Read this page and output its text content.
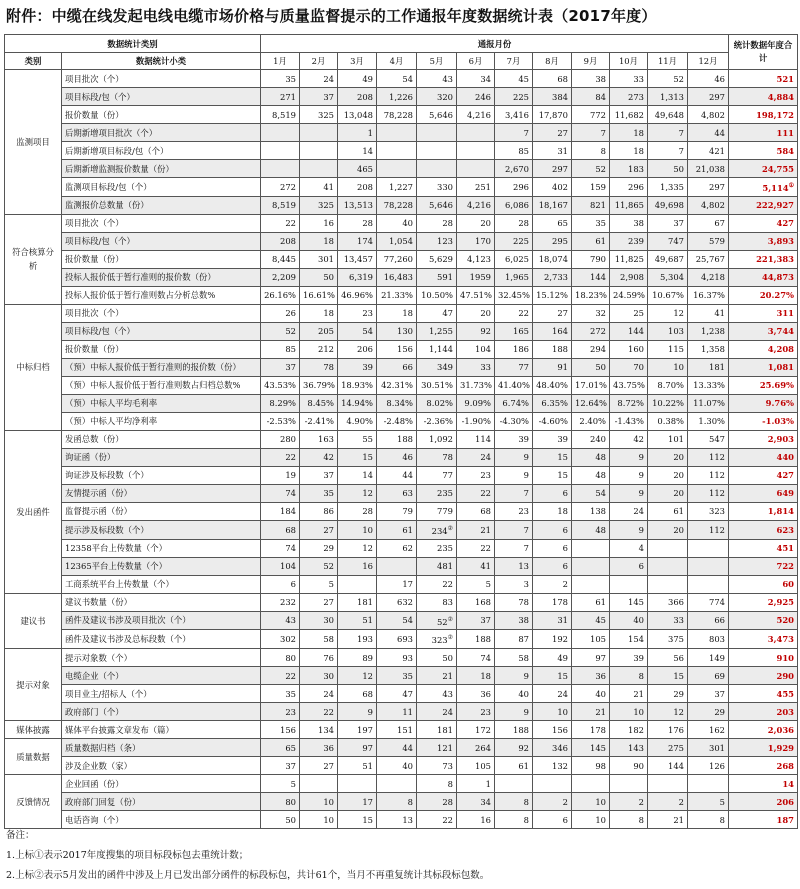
附件：中缆在线发起电线电缆市场价格与质量监督提示的工作通报年度数据统计表（2017年度）
数据统计类别		通报月份												统计数据年度合计
类别	数据统计小类	1月	2月	3月	4月	5月	6月	7月	8月	9月	10月	11月	12月	
监测项目	项目批次（个）	35	24	49	54	43	34	45	68	38	33	52	46	521
	项目标段/包（个）	271	37	208	1,226	320	246	225	384	84	273	1,313	297	4,884
	报价数量（份）	8,519	325	13,048	78,228	5,646	4,216	3,416	17,870	772	11,682	49,648	4,802	198,172
	后期新增项目批次（个）			1				7	27	7	18	7	44	111
	后期新增项目标段/包（个）			14				85	31	8	18	7	421	584
	后期新增监测报价数量（份）			465				2,670	297	52	183	50	21,038	24,755
	监测项目标段/包（个）	272	41	208	1,227	330	251	296	402	159	296	1,335	297	5,114①
	监测报价总数量（份）	8,519	325	13,513	78,228	5,646	4,216	6,086	18,167	821	11,865	49,698	4,802	222,927
符合核算分析	项目批次（个）	22	16	28	40	28	20	28	65	35	38	37	67	427
	项目标段/包（个）	208	18	174	1,054	123	170	225	295	61	239	747	579	3,893
	报价数量（份）	8,445	301	13,457	77,260	5,629	4,123	6,025	18,074	790	11,825	49,687	25,767	221,383
	投标人报价低于暂行准则的报价数（份）	2,209	50	6,319	16,483	591	1959	1,965	2,733	144	2,908	5,304	4,218	44,873
	投标人报价低于暂行准则数占分析总数%	26.16%	16.61%	46.96%	21.33%	10.50%	47.51%	32.45%	15.12%	18.23%	24.59%	10.67%	16.37%	20.27%
中标归档	项目批次（个）	26	18	23	18	47	20	22	27	32	25	12	41	311
	项目标段/包（个）	52	205	54	130	1,255	92	165	164	272	144	103	1,238	3,744
	报价数量（份）	85	212	206	156	1,144	104	186	188	294	160	115	1,358	4,208
	（预）中标人报价低于暂行准则的报价数（份）	37	78	39	66	349	33	77	91	50	70	10	181	1,081
	（预）中标人报价低于暂行准则数占归档总数%	43.53%	36.79%	18.93%	42.31%	30.51%	31.73%	41.40%	48.40%	17.01%	43.75%	8.70%	13.33%	25.69%
	（预）中标人平均毛利率	8.29%	8.45%	14.94%	8.34%	8.02%	9.09%	6.74%	6.35%	12.64%	8.72%	10.22%	11.07%	9.76%
	（预）中标人平均净利率	-2.53%	-2.41%	4.90%	-2.48%	-2.36%	-1.90%	-4.30%	-4.60%	2.40%	-1.43%	0.38%	1.30%	-1.03%
发出函件	发函总数（份）	280	163	55	188	1,092	114	39	39	240	42	101	547	2,903
	询证函（份）	22	42	15	46	78	24	9	15	48	9	20	112	440
	询证涉及标段数（个）	19	37	14	44	77	23	9	15	48	9	20	112	427
	友情提示函（份）	74	35	12	63	235	22	7	6	54	9	20	112	649
	监督提示函（份）	184	86	28	79	779	68	23	18	138	24	61	323	1,814
	提示涉及标段数（个）	68	27	10	61	234②	21	7	6	48	9	20	112	623
	12358平台上传数量（个）	74	29	12	62	235	22	7	6		4			451
	12365平台上传数量（个）	104	52	16		481	41	13	6		6			722
	工商系统平台上传数量（个）	6	5		17	22	5	3	2					60
建议书	建议书数量（份）	232	27	181	632	83	168	78	178	61	145	366	774	2,925
	函件及建议书涉及项目批次（个）	43	30	51	54	52②	37	38	31	45	40	33	66	520
	函件及建议书涉及总标段数（个）	302	58	193	693	323②	188	87	192	105	154	375	803	3,473
提示对象	提示对象数（个）	80	76	89	93	50	74	58	49	97	39	56	149	910
	电缆企业（个）	22	30	12	35	21	18	9	15	36	8	15	69	290
	项目业主/招标人（个）	35	24	68	47	43	36	40	24	40	21	29	37	455
	政府部门（个）	23	22	9	11	24	23	9	10	21	10	12	29	203
媒体披露	媒体平台披露文章发布（篇）	156	134	197	151	181	172	188	156	178	182	176	162	2,036
质量数据	质量数据归档（条）	65	36	97	44	121	264	92	346	145	143	275	301	1,929
	涉及企业数（家）	37	27	51	40	73	105	61	132	98	90	144	126	268
反馈情况	企业回函（份）	5				8	1							14
	政府部门回复（份）	80	10	17	8	28	34	8	2	10	2	2	5	206
	电话咨询（个）	50	10	15	13	22	16	8	6	10	8	21	8	187
备注：
1.上标①表示2017年度搜集的项目标段标包去重统计数；
2.上标②表示5月发出的函件中涉及上月已发出部分函件的标段标包，共计61个，当月不再重复统计其标段标包数。
